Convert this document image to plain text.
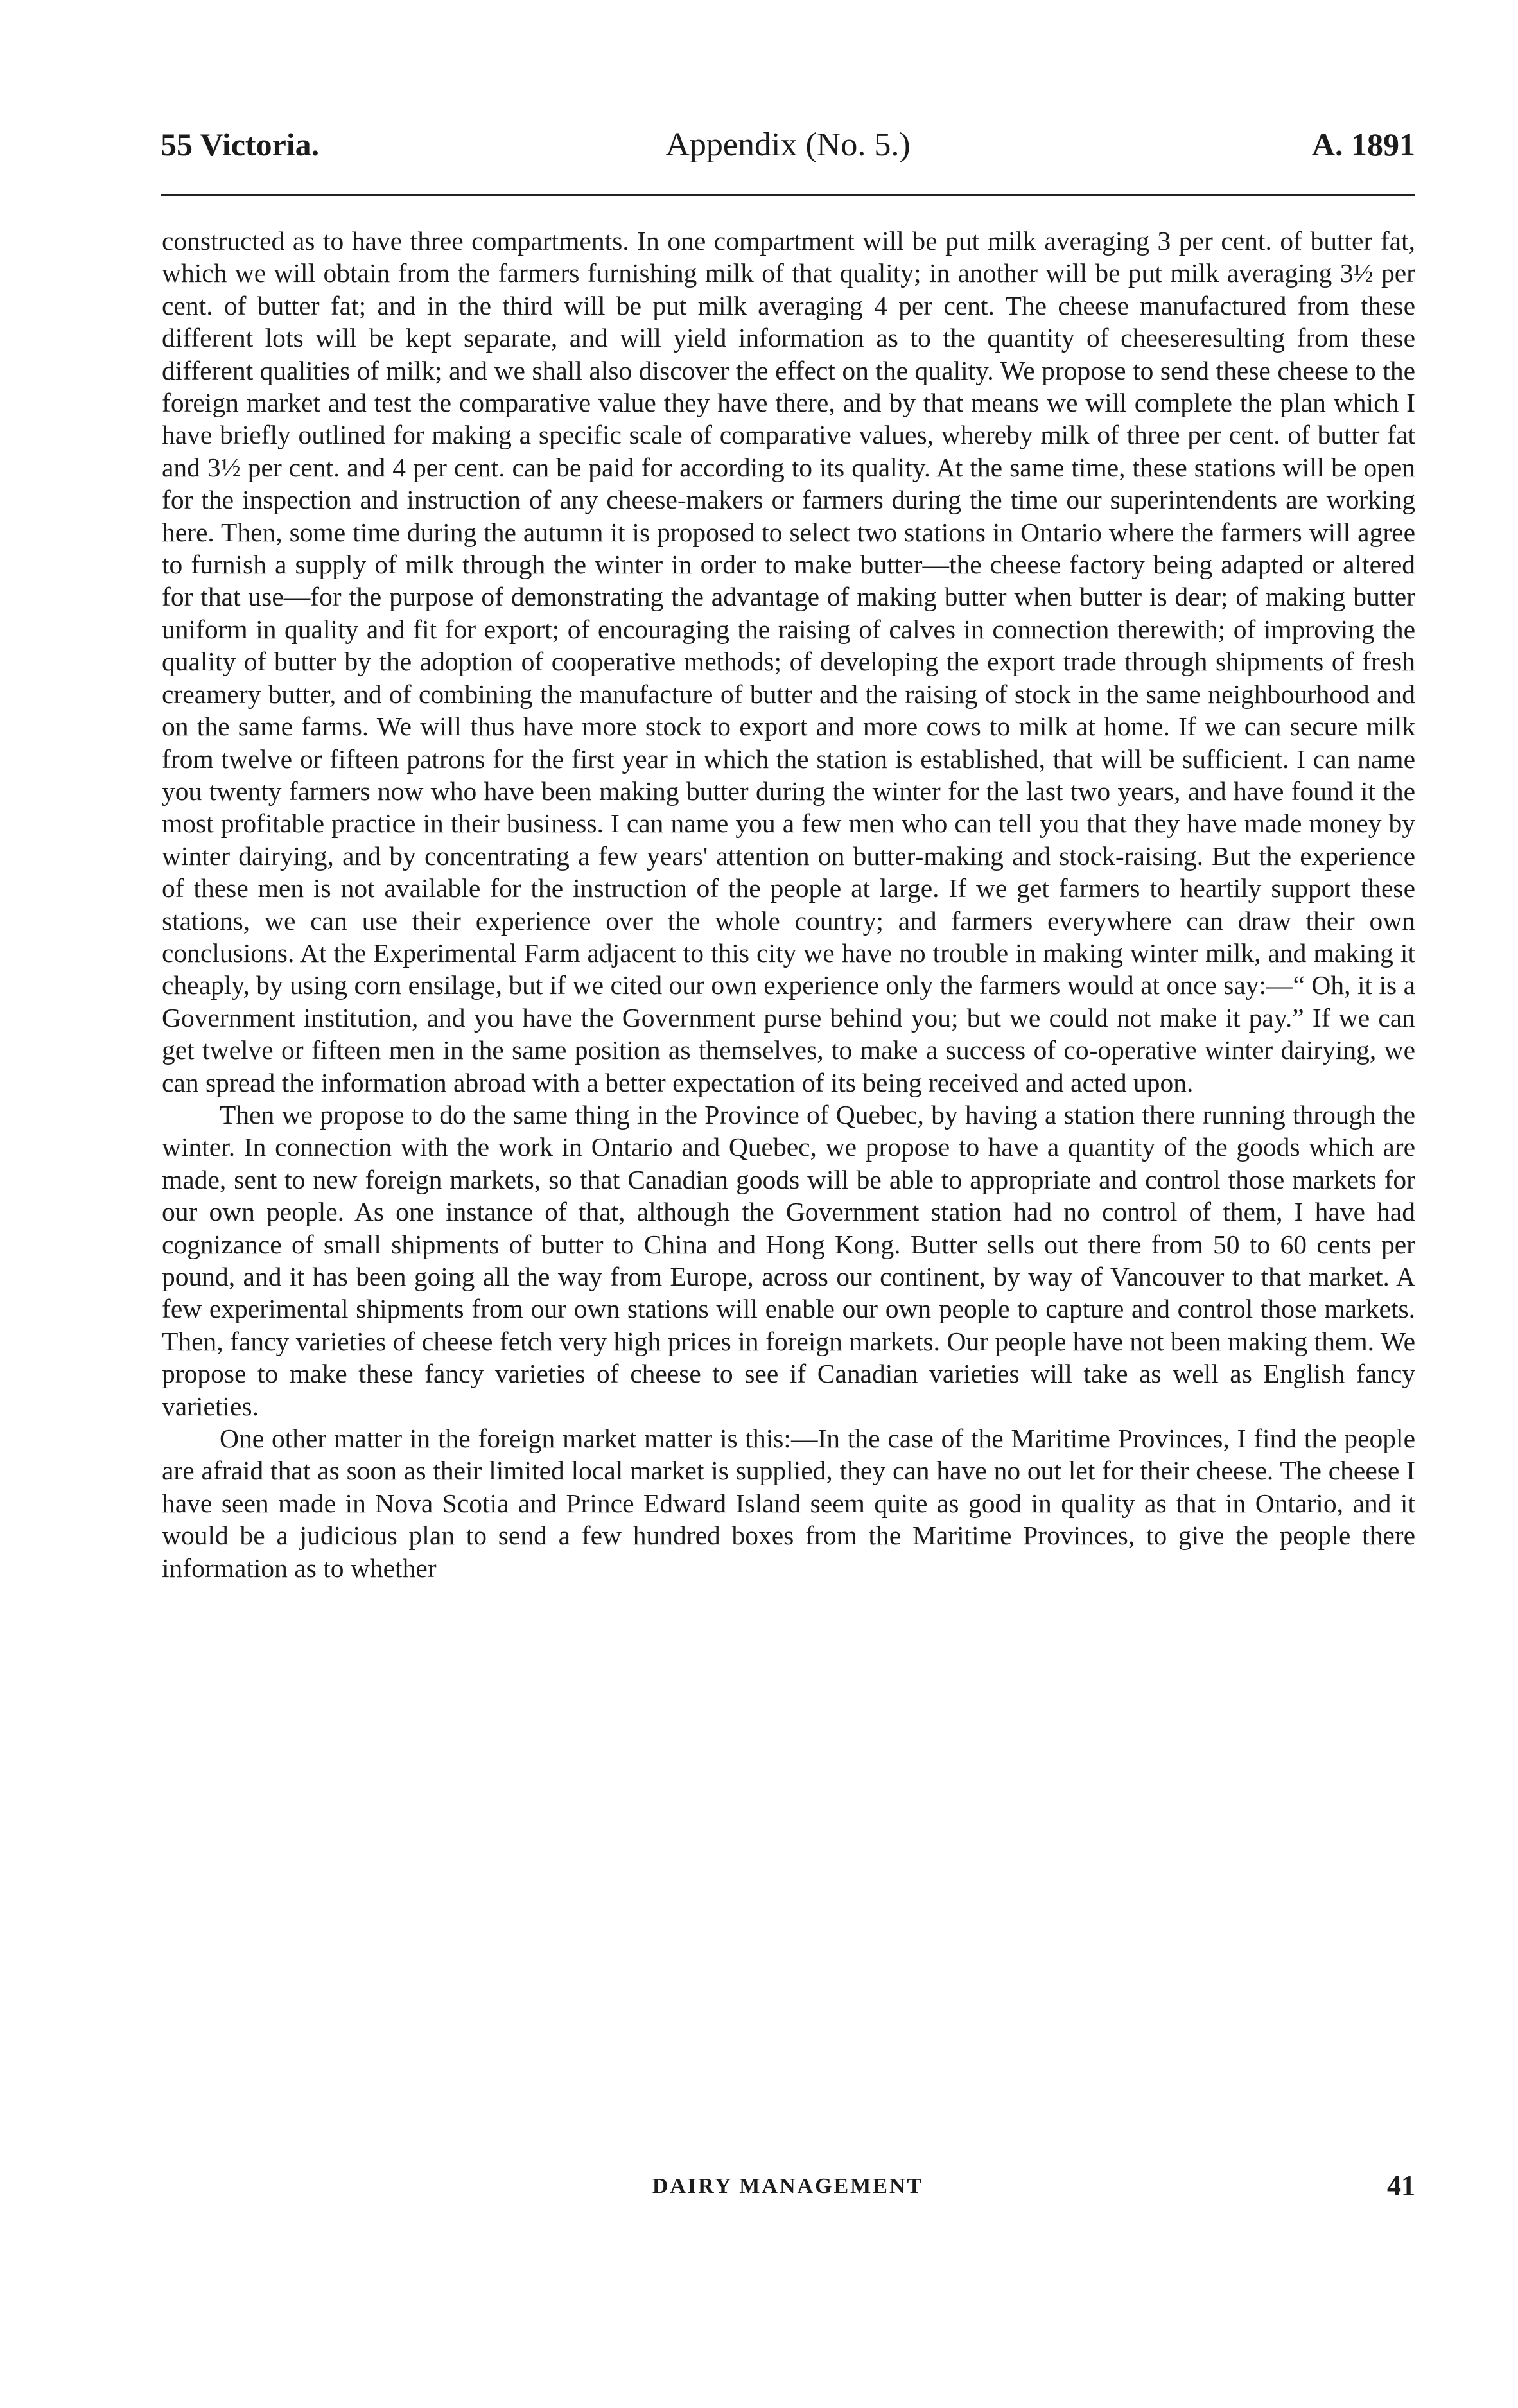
55 Victoria.	Appendix (No. 5.)	A. 1891

constructed as to have three compartments. In one compartment will be put milk averaging 3 per cent. of butter fat, which we will obtain from the farmers furnishing milk of that quality; in another will be put milk averaging 3½ per cent. of butter fat; and in the third will be put milk averaging 4 per cent. The cheese manufactured from these different lots will be kept separate, and will yield information as to the quantity of cheeseresulting from these different qualities of milk; and we shall also discover the effect on the quality. We propose to send these cheese to the foreign market and test the comparative value they have there, and by that means we will complete the plan which I have briefly outlined for making a specific scale of comparative values, whereby milk of three per cent. of butter fat and 3½ per cent. and 4 per cent. can be paid for according to its quality. At the same time, these stations will be open for the inspection and instruction of any cheese-makers or farmers during the time our superintendents are working here. Then, some time during the autumn it is proposed to select two stations in Ontario where the farmers will agree to furnish a supply of milk through the winter in order to make butter—the cheese factory being adapted or altered for that use—for the purpose of demonstrating the advantage of making butter when butter is dear; of making butter uniform in quality and fit for export; of encouraging the raising of calves in connection therewith; of improving the quality of butter by the adoption of cooperative methods; of developing the export trade through shipments of fresh creamery butter, and of combining the manufacture of butter and the raising of stock in the same neighbourhood and on the same farms. We will thus have more stock to export and more cows to milk at home. If we can secure milk from twelve or fifteen patrons for the first year in which the station is established, that will be sufficient. I can name you twenty farmers now who have been making butter during the winter for the last two years, and have found it the most profitable practice in their business. I can name you a few men who can tell you that they have made money by winter dairying, and by concentrating a few years' attention on butter-making and stock-raising. But the experience of these men is not available for the instruction of the people at large. If we get farmers to heartily support these stations, we can use their experience over the whole country; and farmers everywhere can draw their own conclusions. At the Experimental Farm adjacent to this city we have no trouble in making winter milk, and making it cheaply, by using corn ensilage, but if we cited our own experience only the farmers would at once say:—“ Oh, it is a Government institution, and you have the Government purse behind you; but we could not make it pay.” If we can get twelve or fifteen men in the same position as themselves, to make a success of co-operative winter dairying, we can spread the information abroad with a better expectation of its being received and acted upon.

Then we propose to do the same thing in the Province of Quebec, by having a station there running through the winter. In connection with the work in Ontario and Quebec, we propose to have a quantity of the goods which are made, sent to new foreign markets, so that Canadian goods will be able to appropriate and control those markets for our own people. As one instance of that, although the Government station had no control of them, I have had cognizance of small shipments of butter to China and Hong Kong. Butter sells out there from 50 to 60 cents per pound, and it has been going all the way from Europe, across our continent, by way of Vancouver to that market. A few experimental shipments from our own stations will enable our own people to capture and control those markets. Then, fancy varieties of cheese fetch very high prices in foreign markets. Our people have not been making them. We propose to make these fancy varieties of cheese to see if Canadian varieties will take as well as English fancy varieties.

One other matter in the foreign market matter is this:—In the case of the Maritime Provinces, I find the people are afraid that as soon as their limited local market is supplied, they can have no out let for their cheese. The cheese I have seen made in Nova Scotia and Prince Edward Island seem quite as good in quality as that in Ontario, and it would be a judicious plan to send a few hundred boxes from the Maritime Provinces, to give the people there information as to whether

DAIRY MANAGEMENT	41
